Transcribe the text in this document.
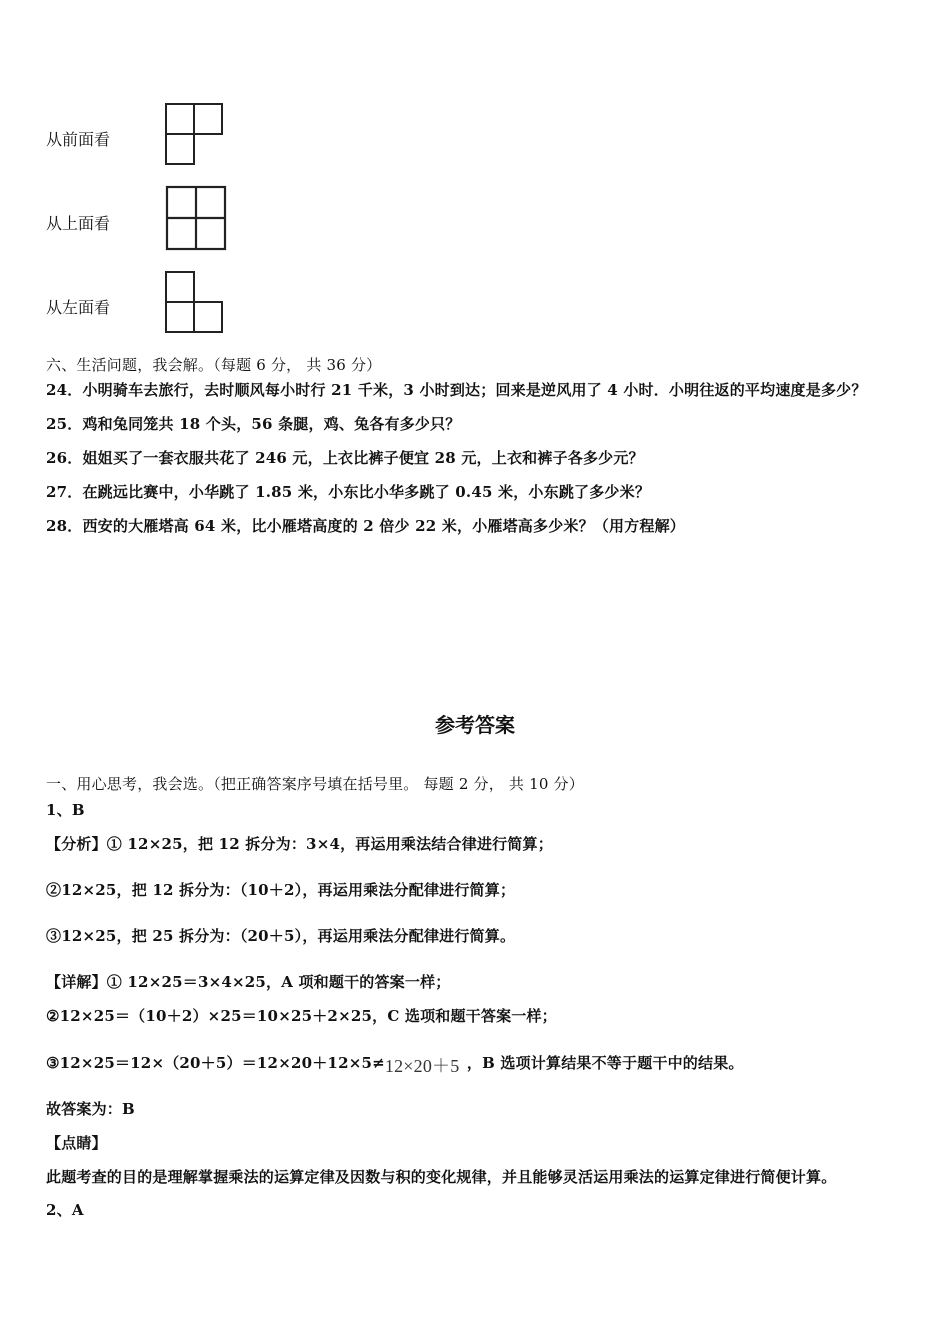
从前面看
从上面看
从左面看
六、生活问题，我会解。（每题 6 分， 共 36 分）
24．小明骑车去旅行，去时顺风每小时行 21 千米，3 小时到达；回来是逆风用了 4 小时．小明往返的平均速度是多少？
25．鸡和兔同笼共 18 个头，56 条腿，鸡、兔各有多少只？
26．姐姐买了一套衣服共花了 246 元，上衣比裤子便宜 28 元，上衣和裤子各多少元？
27．在跳远比赛中，小华跳了 1.85 米，小东比小华多跳了 0.45 米，小东跳了多少米？
28．西安的大雁塔高 64 米，比小雁塔高度的 2 倍少 22 米，小雁塔高多少米？（用方程解）
参考答案
一、用心思考，我会选。（把正确答案序号填在括号里。 每题 2 分， 共 10 分）
1、B
【分析】① 12×25，把 12 拆分为：3×4，再运用乘法结合律进行简算；
②12×25，把 12 拆分为：（10＋2），再运用乘法分配律进行简算；
③12×25，把 25 拆分为：（20＋5），再运用乘法分配律进行简算。
【详解】① 12×25＝3×4×25，A 项和题干的答案一样；
②12×25＝（10＋2）×25＝10×25＋2×25，C 选项和题干答案一样；
③12×25＝12×（20＋5）＝12×20＋12×5≠ 12×20＋5 ，B 选项计算结果不等于题干中的结果。
故答案为：B
【点睛】
此题考查的目的是理解掌握乘法的运算定律及因数与积的变化规律，并且能够灵活运用乘法的运算定律进行简便计算。
2、A
